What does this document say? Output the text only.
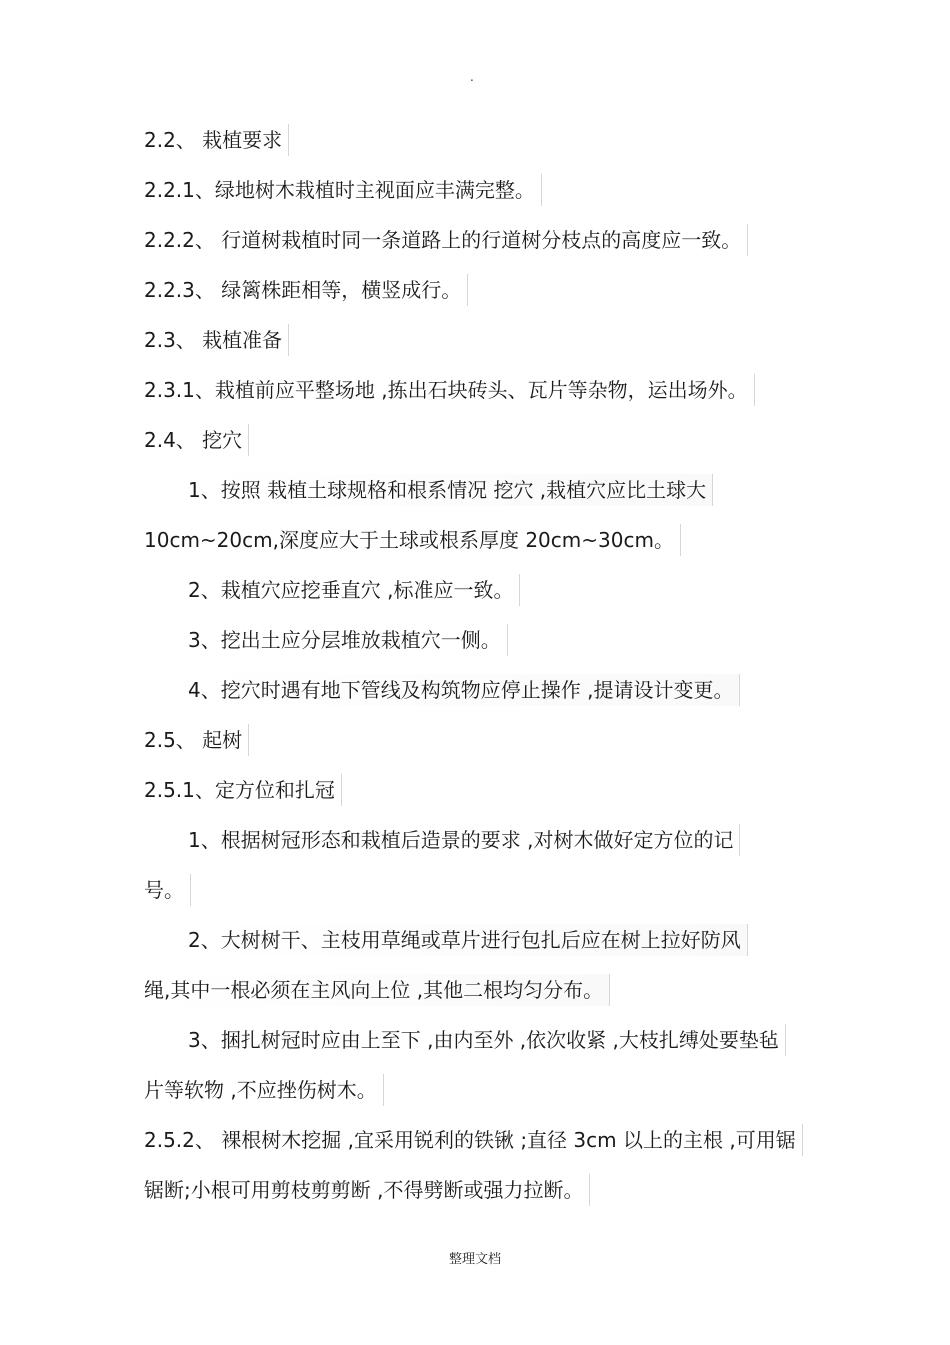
.
2.2、 栽植要求
2.2.1、绿地树木栽植时主视面应丰满完整。
2.2.2、 行道树栽植时同一条道路上的行道树分枝点的高度应一致。
2.2.3、 绿篱株距相等，横竖成行。
2.3、 栽植准备
2.3.1、栽植前应平整场地 ,拣出石块砖头、瓦片等杂物，运出场外。
2.4、 挖穴
1、按照 栽植土球规格和根系情况 挖穴 ,栽植穴应比土球大
10cm~20cm,深度应大于土球或根系厚度 20cm~30cm。
2、栽植穴应挖垂直穴 ,标准应一致。
3、挖出土应分层堆放栽植穴一侧。
4、挖穴时遇有地下管线及构筑物应停止操作 ,提请设计变更。
2.5、 起树
2.5.1、定方位和扎冠
1、根据树冠形态和栽植后造景的要求 ,对树木做好定方位的记
号。
2、大树树干、主枝用草绳或草片进行包扎后应在树上拉好防风
绳,其中一根必须在主风向上位 ,其他二根均匀分布。
3、捆扎树冠时应由上至下 ,由内至外 ,依次收紧 ,大枝扎缚处要垫毡
片等软物 ,不应挫伤树木。
2.5.2、 裸根树木挖掘 ,宜采用锐利的铁锹 ;直径 3cm 以上的主根 ,可用锯
锯断;小根可用剪枝剪剪断 ,不得劈断或强力拉断。
整理文档
